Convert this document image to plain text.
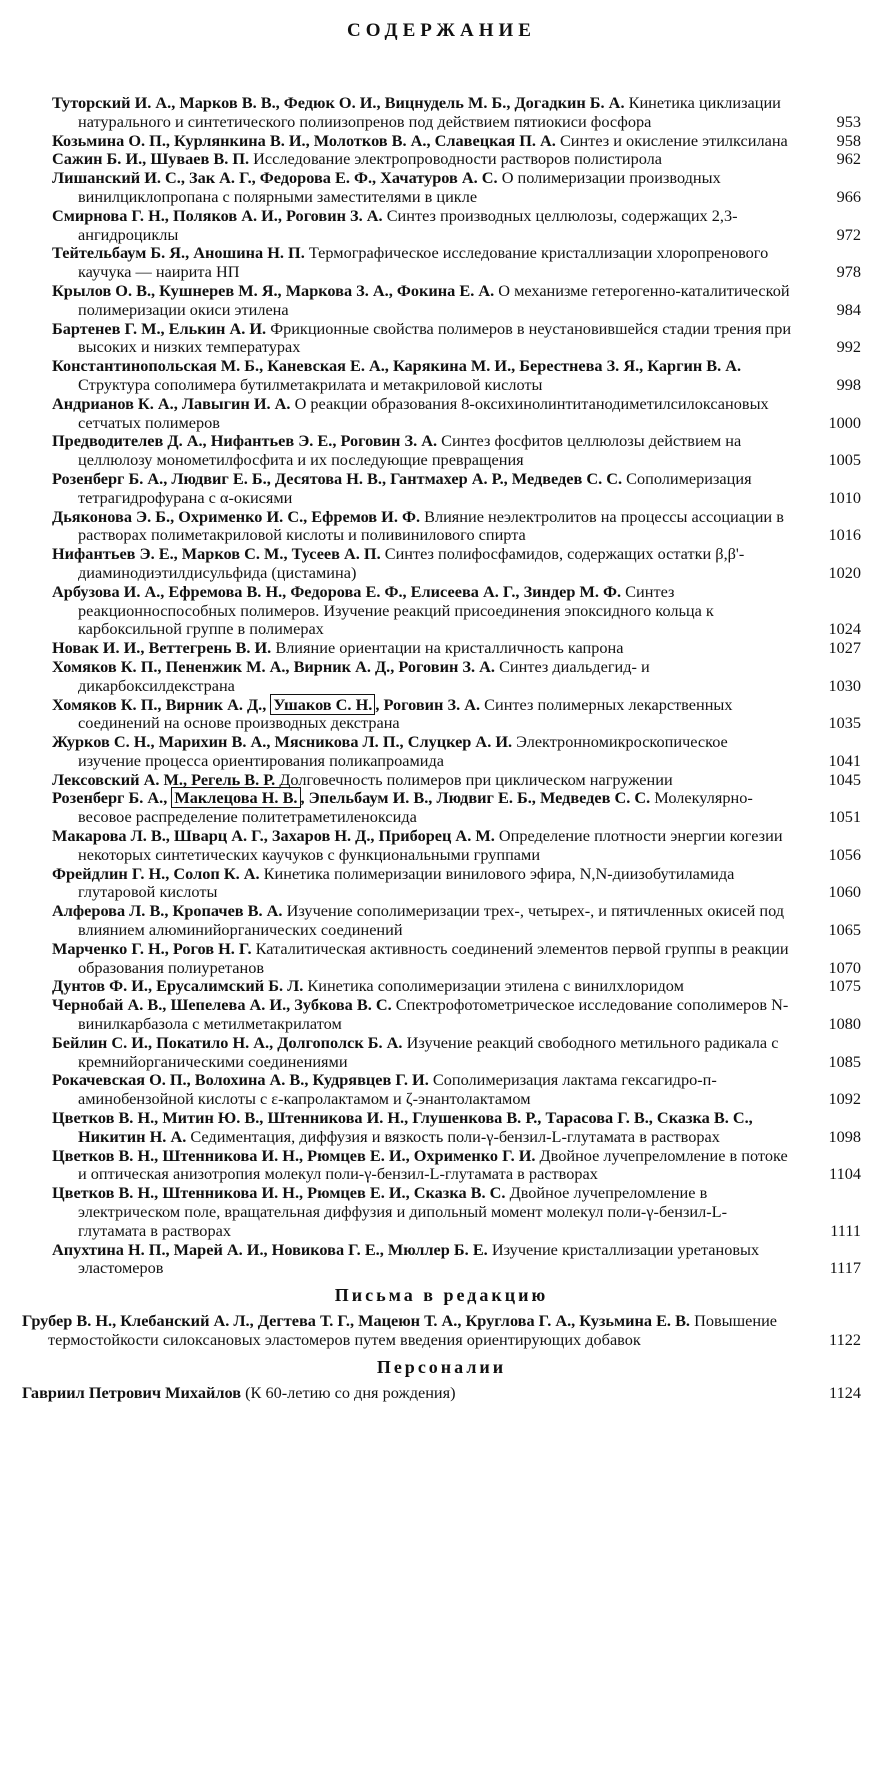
СОДЕРЖАНИЕ
Туторский И. А., Марков В. В., Федюк О. И., Вицнудель М. Б., Догадкин Б. А. Кинетика циклизации натурального и синтетического полиизопренов под действием пятиокиси фосфора	953
Козьмина О. П., Курлянкина В. И., Молотков В. А., Славецкая П. А. Синтез и окисление этилксилана	958
Сажин Б. И., Шуваев В. П. Исследование электропроводности растворов полистирола	962
Лишанский И. С., Зак А. Г., Федорова Е. Ф., Хачатуров А. С. О полимеризации производных винилциклопропана с полярными заместителями в цикле	966
Смирнова Г. Н., Поляков А. И., Роговин З. А. Синтез производных целлюлозы, содержащих 2,3-ангидроциклы	972
Тейтельбаум Б. Я., Аношина Н. П. Термографическое исследование кристаллизации хлоропренового каучука — наирита НП	978
Крылов О. В., Кушнерев М. Я., Маркова З. А., Фокина Е. А. О механизме гетерогенно-каталитической полимеризации окиси этилена	984
Бартенев Г. М., Елькин А. И. Фрикционные свойства полимеров в неустановившейся стадии трения при высоких и низких температурах	992
Константинопольская М. Б., Каневская Е. А., Карякина М. И., Берестнева З. Я., Каргин В. А. Структура сополимера бутилметакрилата и метакриловой кислоты	998
Андрианов К. А., Лавыгин И. А. О реакции образования 8-оксихинолинтитанодиметилсилоксановых сетчатых полимеров	1000
Предводителев Д. А., Нифантьев Э. Е., Роговин З. А. Синтез фосфитов целлюлозы действием на целлюлозу монометилфосфита и их последующие превращения	1005
Розенберг Б. А., Людвиг Е. Б., Десятова Н. В., Гантмахер А. Р., Медведев С. С. Сополимеризация тетрагидрофурана с α-окисями	1010
Дьяконова Э. Б., Охрименко И. С., Ефремов И. Ф. Влияние неэлектролитов на процессы ассоциации в растворах полиметакриловой кислоты и поливинилового спирта	1016
Нифантьев Э. Е., Марков С. М., Тусеев А. П. Синтез полифосфамидов, содержащих остатки β,β'-диаминодиэтилдисульфида (цистамина)	1020
Арбузова И. А., Ефремова В. Н., Федорова Е. Ф., Елисеева А. Г., Зиндер М. Ф. Синтез реакционноспособных полимеров. Изучение реакций присоединения эпоксидного кольца к карбоксильной группе в полимерах	1024
Новак И. И., Веттегрень В. И. Влияние ориентации на кристалличность капрона	1027
Хомяков К. П., Пененжик М. А., Вирник А. Д., Роговин З. А. Синтез диальдегид- и дикарбоксилдекстрана	1030
Хомяков К. П., Вирник А. Д., Ушаков С. Н. , Роговин З. А. Синтез полимерных лекарственных соединений на основе производных декстрана	1035
Журков С. Н., Марихин В. А., Мясникова Л. П., Слуцкер А. И. Электронномикроскопическое изучение процесса ориентирования поликапроамида	1041
Лексовский А. М., Регель В. Р. Долговечность полимеров при циклическом нагружении	1045
Розенберг Б. А., Маклецова Н. В. , Эпельбаум И. В., Людвиг Е. Б., Медведев С. С. Молекулярно-весовое распределение политетраметиленоксида	1051
Макарова Л. В., Шварц А. Г., Захаров Н. Д., Приборец А. М. Определение плотности энергии когезии некоторых синтетических каучуков с функциональными группами	1056
Фрейдлин Г. Н., Солоп К. А. Кинетика полимеризации винилового эфира, N,N-диизобутиламида глутаровой кислоты	1060
Алферова Л. В., Кропачев В. А. Изучение сополимеризации трех-, четырех-, и пятичленных окисей под влиянием алюминийорганических соединений	1065
Марченко Г. Н., Рогов Н. Г. Каталитическая активность соединений элементов первой группы в реакции образования полиуретанов	1070
Дунтов Ф. И., Ерусалимский Б. Л. Кинетика сополимеризации этилена с винилхлоридом	1075
Чернобай А. В., Шепелева А. И., Зубкова В. С. Спектрофотометрическое исследование сополимеров N-винилкарбазола с метилметакрилатом	1080
Бейлин С. И., Покатило Н. А., Долгополск Б. А. Изучение реакций свободного метильного радикала с кремнийорганическими соединениями	1085
Рокачевская О. П., Волохина А. В., Кудрявцев Г. И. Сополимеризация лактама гексагидро-п-аминобензойной кислоты с ε-капролактамом и ζ-энантолактамом	1092
Цветков В. Н., Митин Ю. В., Штенникова И. Н., Глушенкова В. Р., Тарасова Г. В., Сказка В. С., Никитин Н. А. Седиментация, диффузия и вязкость поли-γ-бензил-L-глутамата в растворах	1098
Цветков В. Н., Штенникова И. Н., Рюмцев Е. И., Охрименко Г. И. Двойное лучепреломление в потоке и оптическая анизотропия молекул поли-γ-бензил-L-глутамата в растворах	1104
Цветков В. Н., Штенникова И. Н., Рюмцев Е. И., Сказка В. С. Двойное лучепреломление в электрическом поле, вращательная диффузия и дипольный момент молекул поли-γ-бензил-L-глутамата в растворах	1111
Апухтина Н. П., Марей А. И., Новикова Г. Е., Мюллер Б. Е. Изучение кристаллизации уретановых эластомеров	1117
Письма в редакцию
Грубер В. Н., Клебанский А. Л., Дегтева Т. Г., Мацеюн Т. А., Круглова Г. А., Кузьмина Е. В. Повышение термостойкости силоксановых эластомеров путем введения ориентирующих добавок	1122
Персоналии
Гавриил Петрович Михайлов (К 60-летию со дня рождения)	1124
